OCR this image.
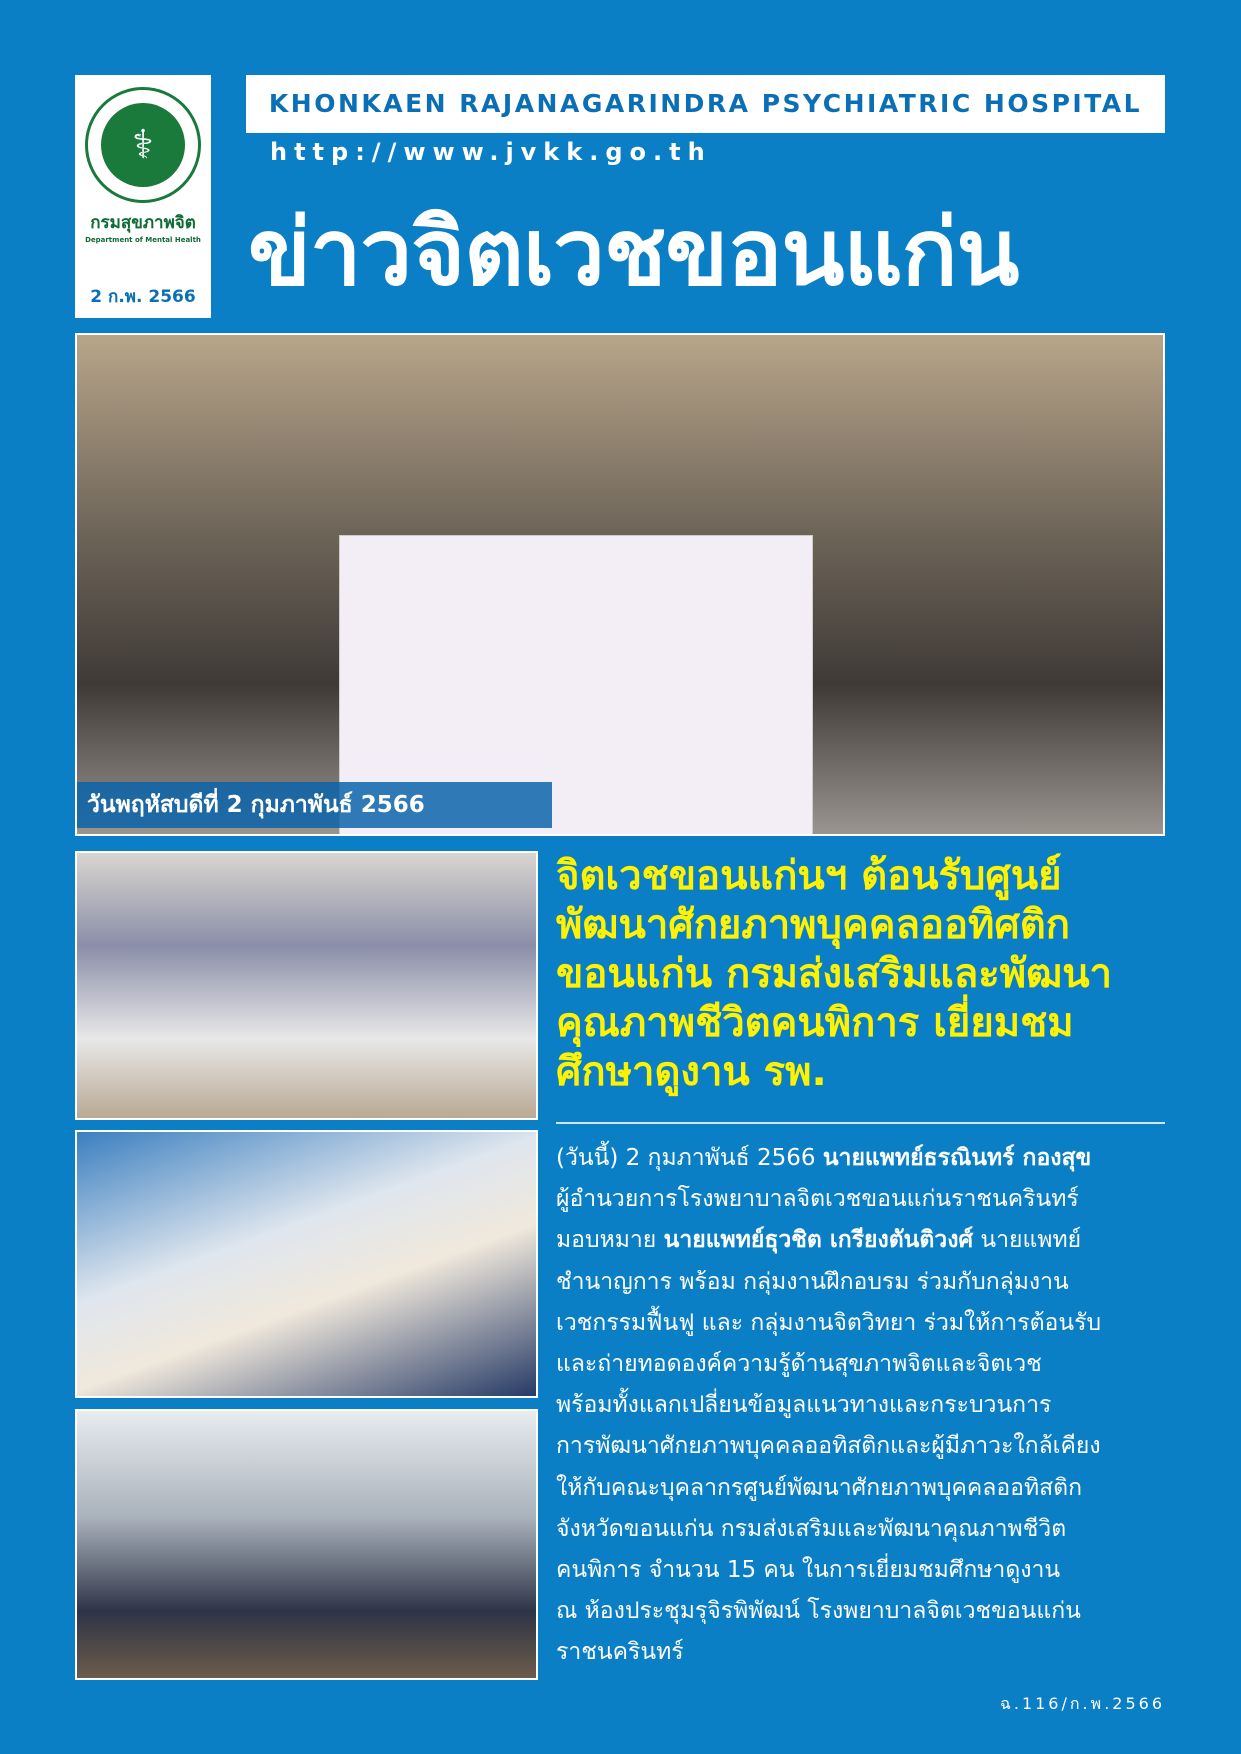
⚕
กรมสุขภาพจิต
Department of Mental Health
2 ก.พ. 2566
KHONKAEN RAJANAGARINDRA PSYCHIATRIC HOSPITAL
http://www.jvkk.go.th
ข่าวจิตเวชขอนแก่น
วันพฤหัสบดีที่ 2 กุมภาพันธ์ 2566
จิตเวชขอนแก่นฯ ต้อนรับศูนย์
พัฒนาศักยภาพบุคคลออทิศติก
ขอนแก่น กรมส่งเสริมและพัฒนา
คุณภาพชีวิตคนพิการ เยี่ยมชม
ศึกษาดูงาน รพ.
(วันนี้) 2 กุมภาพันธ์ 2566 นายแพทย์ธรณินทร์ กองสุข
ผู้อำนวยการโรงพยาบาลจิตเวชขอนแก่นราชนครินทร์
มอบหมาย นายแพทย์ธุวชิต เกรียงตันติวงศ์ นายแพทย์
ชำนาญการ พร้อม กลุ่มงานฝึกอบรม ร่วมกับกลุ่มงาน
เวชกรรมฟื้นฟู และ กลุ่มงานจิตวิทยา ร่วมให้การต้อนรับ
และถ่ายทอดองค์ความรู้ด้านสุขภาพจิตและจิตเวช
พร้อมทั้งแลกเปลี่ยนข้อมูลแนวทางและกระบวนการ
การพัฒนาศักยภาพบุคคลออทิสติกและผู้มีภาวะใกล้เคียง
ให้กับคณะบุคลากรศูนย์พัฒนาศักยภาพบุคคลออทิสติก
จังหวัดขอนแก่น กรมส่งเสริมและพัฒนาคุณภาพชีวิต
คนพิการ จำนวน 15 คน ในการเยี่ยมชมศึกษาดูงาน
ณ ห้องประชุมรุจิรพิพัฒน์ โรงพยาบาลจิตเวชขอนแก่น
ราชนครินทร์
ฉ.116/ก.พ.2566
